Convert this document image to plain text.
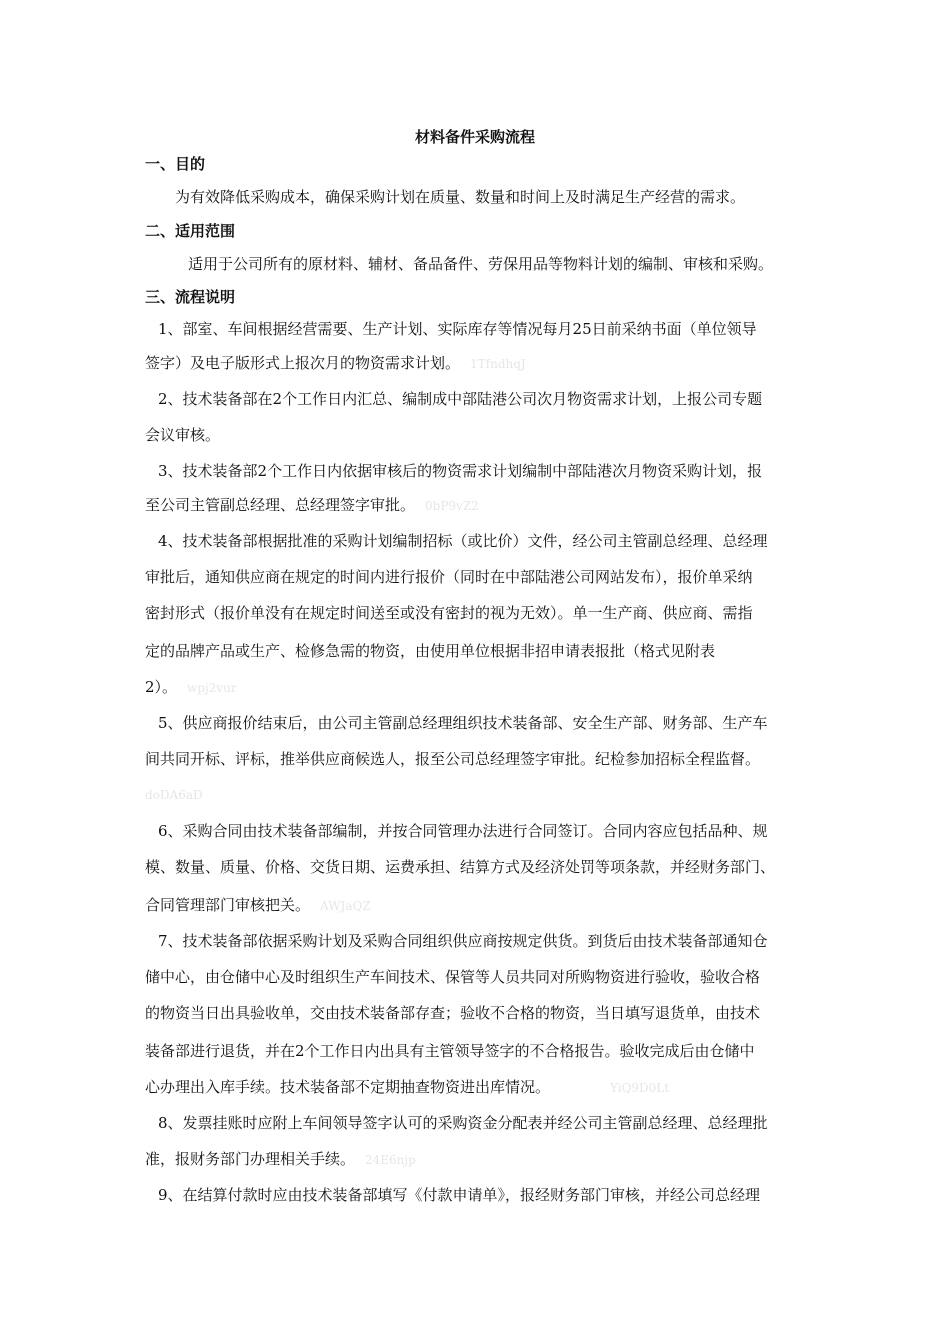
材料备件采购流程
一、目的
为有效降低采购成本，确保采购计划在质量、数量和时间上及时满足生产经营的需求。
二、适用范围
适用于公司所有的原材料、辅材、备品备件、劳保用品等物料计划的编制、审核和采购。
三、流程说明
1、部室、车间根据经营需要、生产计划、实际库存等情况每月25日前采纳书面（单位领导
签字）及电子版形式上报次月的物资需求计划。 1TfndhqJ
2、技术装备部在2个工作日内汇总、编制成中部陆港公司次月物资需求计划，上报公司专题
会议审核。
3、技术装备部2个工作日内依据审核后的物资需求计划编制中部陆港次月物资采购计划，报
至公司主管副总经理、总经理签字审批。 0bP9vZ2
4、技术装备部根据批准的采购计划编制招标（或比价）文件，经公司主管副总经理、总经理
审批后，通知供应商在规定的时间内进行报价（同时在中部陆港公司网站发布），报价单采纳
密封形式（报价单没有在规定时间送至或没有密封的视为无效）。单一生产商、供应商、需指
定的品牌产品或生产、检修急需的物资，由使用单位根据非招申请表报批（格式见附表
2）。 wpj2vur
5、供应商报价结束后，由公司主管副总经理组织技术装备部、安全生产部、财务部、生产车
间共同开标、评标，推举供应商候选人，报至公司总经理签字审批。纪检参加招标全程监督。
doDA6aD
6、采购合同由技术装备部编制，并按合同管理办法进行合同签订。合同内容应包括品种、规
模、数量、质量、价格、交货日期、运费承担、结算方式及经济处罚等项条款，并经财务部门、
合同管理部门审核把关。 AWJaQZ
7、技术装备部依据采购计划及采购合同组织供应商按规定供货。到货后由技术装备部通知仓
储中心，由仓储中心及时组织生产车间技术、保管等人员共同对所购物资进行验收，验收合格
的物资当日出具验收单，交由技术装备部存查；验收不合格的物资，当日填写退货单，由技术
装备部进行退货，并在2个工作日内出具有主管领导签字的不合格报告。验收完成后由仓储中
心办理出入库手续。技术装备部不定期抽查物资进出库情况。	YiQ9D0Lt
8、发票挂账时应附上车间领导签字认可的采购资金分配表并经公司主管副总经理、总经理批
准，报财务部门办理相关手续。 24E6njp
9、在结算付款时应由技术装备部填写《付款申请单》，报经财务部门审核，并经公司总经理
